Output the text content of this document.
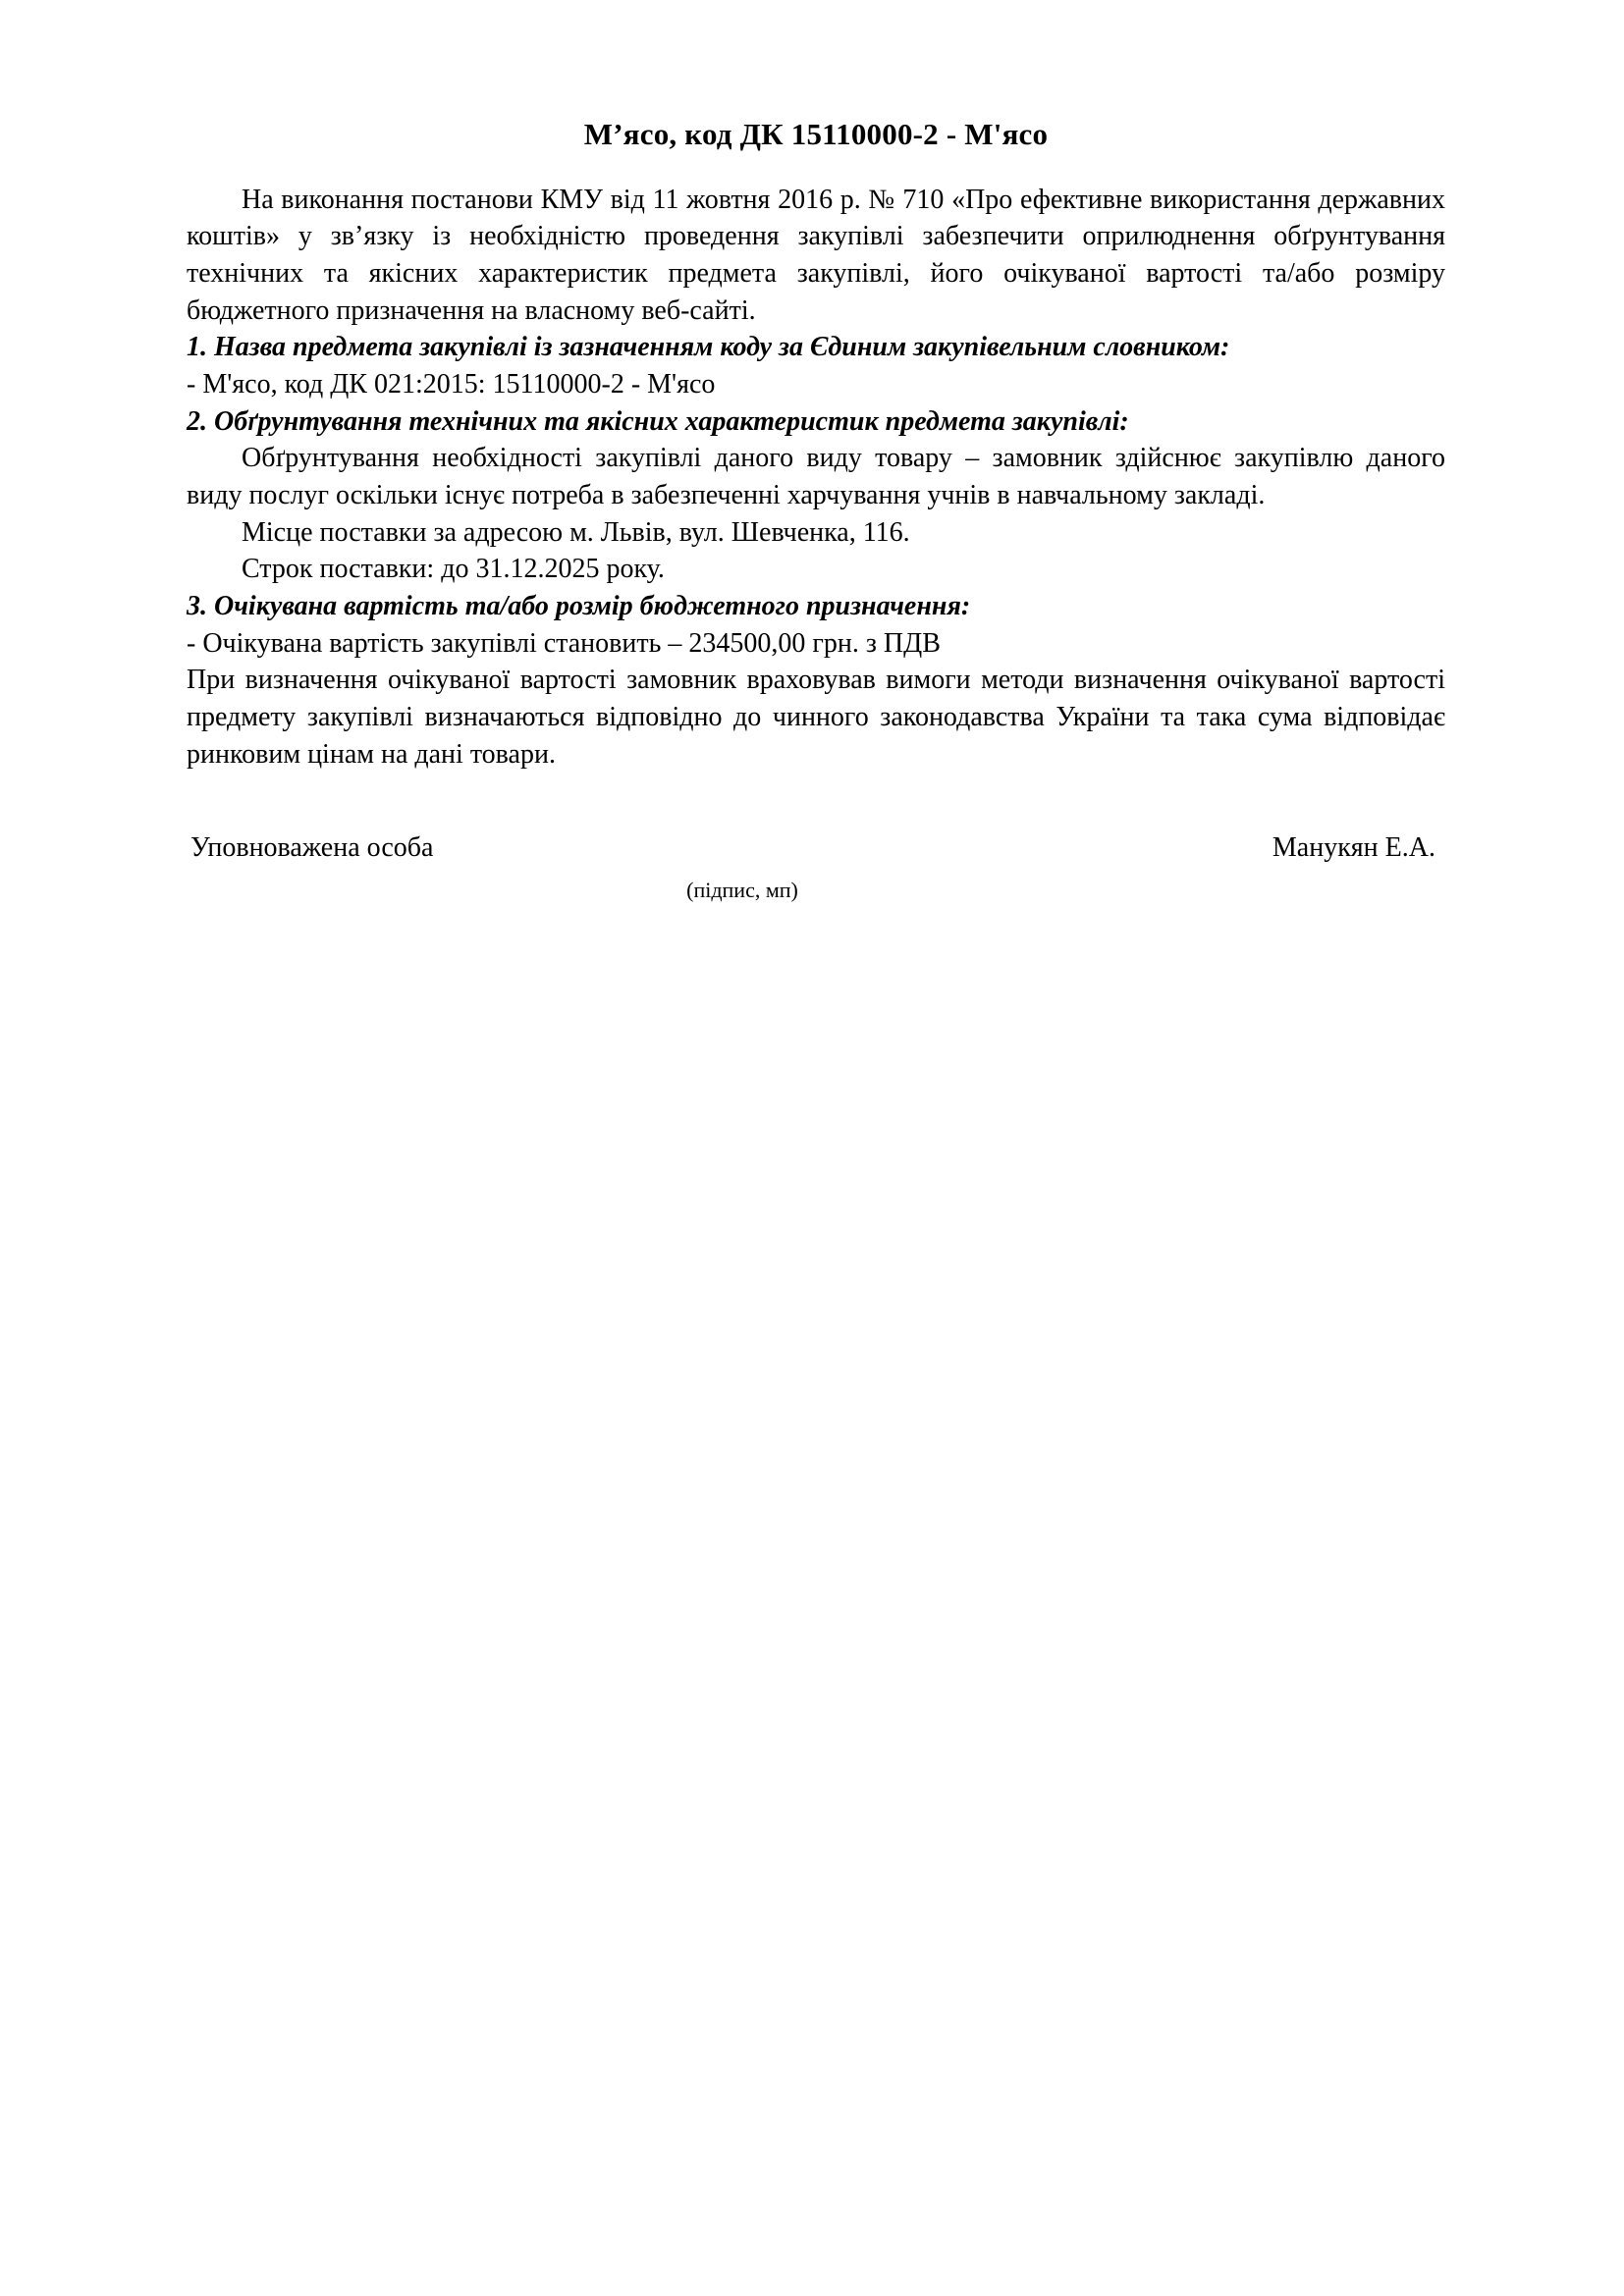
М’ясо, код ДК 15110000-2 - М'ясо

На виконання постанови КМУ від 11 жовтня 2016 р. № 710 «Про ефективне використання державних коштів» у зв’язку із необхідністю проведення закупівлі забезпечити оприлюднення обґрунтування технічних та якісних характеристик предмета закупівлі, його очікуваної вартості та/або розміру бюджетного призначення на власному веб-сайті.

1. Назва предмета закупівлі із зазначенням коду за Єдиним закупівельним словником:

- М'ясо, код ДК 021:2015: 15110000-2 - М'ясо

2. Обґрунтування технічних та якісних характеристик предмета закупівлі:

Обґрунтування необхідності закупівлі даного виду товару – замовник здійснює закупівлю даного виду послуг оскільки існує потреба в забезпеченні харчування учнів в навчальному закладі.

Місце поставки за адресою м. Львів, вул. Шевченка, 116.

Строк поставки: до 31.12.2025 року.

3. Очікувана вартість та/або розмір бюджетного призначення:

- Очікувана вартість закупівлі становить – 234500,00 грн. з ПДВ

При визначення очікуваної вартості замовник враховував вимоги методи визначення очікуваної вартості предмету закупівлі визначаються відповідно до чинного законодавства України та така сума відповідає ринковим цінам на дані товари.

Уповноважена особа	Манукян Е.А.
(підпис, мп)
